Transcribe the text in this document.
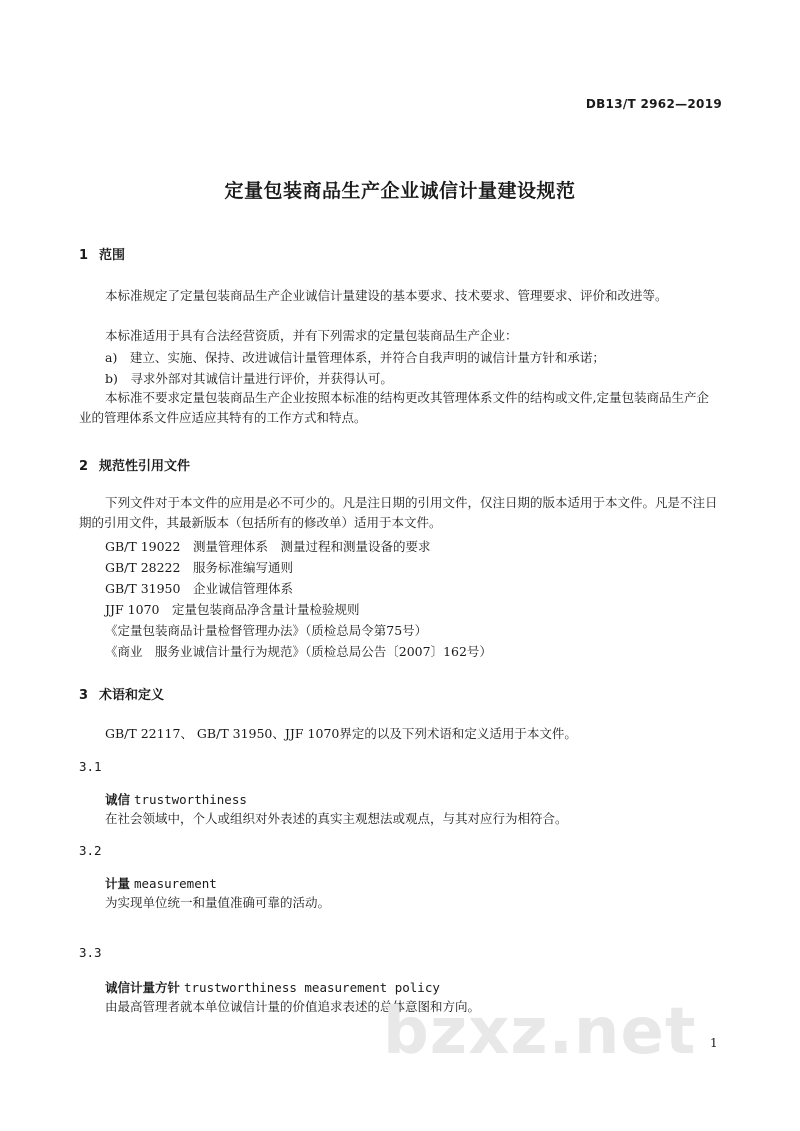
DB13/T 2962—2019
定量包装商品生产企业诚信计量建设规范
1 范围
本标准规定了定量包装商品生产企业诚信计量建设的基本要求、技术要求、管理要求、评价和改进等。
本标准适用于具有合法经营资质，并有下列需求的定量包装商品生产企业：
a)　建立、实施、保持、改进诚信计量管理体系，并符合自我声明的诚信计量方针和承诺；
b)　寻求外部对其诚信计量进行评价，并获得认可。
本标准不要求定量包装商品生产企业按照本标准的结构更改其管理体系文件的结构或文件,定量包装商品生产企业的管理体系文件应适应其特有的工作方式和特点。
2 规范性引用文件
下列文件对于本文件的应用是必不可少的。凡是注日期的引用文件，仅注日期的版本适用于本文件。凡是不注日期的引用文件，其最新版本（包括所有的修改单）适用于本文件。
GB/T 19022　测量管理体系　测量过程和测量设备的要求
GB/T 28222　服务标准编写通则
GB/T 31950　企业诚信管理体系
JJF 1070　定量包装商品净含量计量检验规则
《定量包装商品计量检督管理办法》（质检总局令第75号）
《商业　服务业诚信计量行为规范》（质检总局公告〔2007〕162号）
3 术语和定义
GB/T 22117、 GB/T 31950、JJF 1070界定的以及下列术语和定义适用于本文件。
3.1
诚信 trustworthiness
在社会领域中，个人或组织对外表述的真实主观想法或观点，与其对应行为相符合。
3.2
计量 measurement
为实现单位统一和量值准确可靠的活动。
3.3
诚信计量方针 trustworthiness measurement policy
由最高管理者就本单位诚信计量的价值追求表述的总体意图和方向。
bzxz.net 1
